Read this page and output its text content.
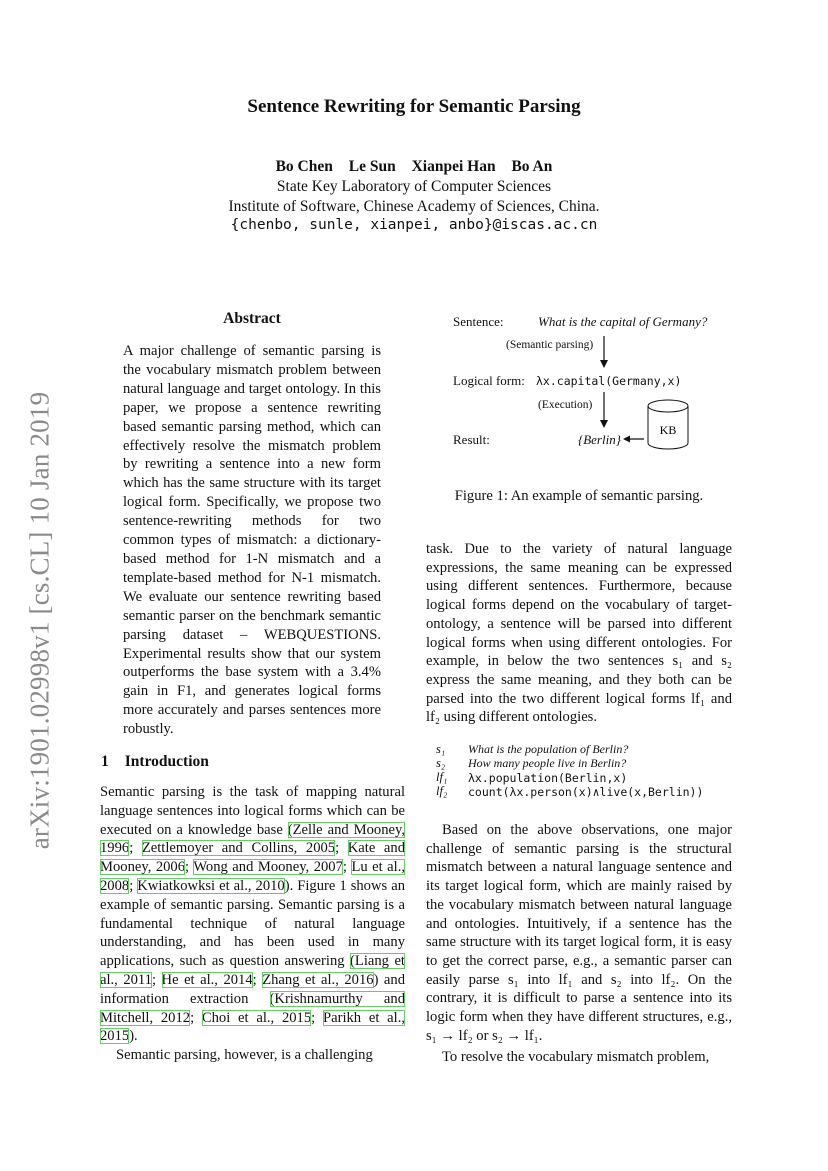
arXiv:1901.02998v1 [cs.CL] 10 Jan 2019
Sentence Rewriting for Semantic Parsing
Bo Chen Le Sun Xianpei Han Bo An
State Key Laboratory of Computer Sciences
Institute of Software, Chinese Academy of Sciences, China.
{chenbo, sunle, xianpei, anbo}@iscas.ac.cn
Abstract
A major challenge of semantic parsing is the vocabulary mismatch problem between natural language and target ontology. In this paper, we propose a sentence rewriting based semantic parsing method, which can effectively resolve the mismatch problem by rewriting a sentence into a new form which has the same structure with its target logical form. Specifically, we propose two sentence-rewriting methods for two common types of mismatch: a dictionary-based method for 1-N mismatch and a template-based method for N-1 mismatch. We evaluate our sentence rewriting based semantic parser on the benchmark semantic parsing dataset – WEBQUESTIONS. Experimental results show that our system outperforms the base system with a 3.4% gain in F1, and generates logical forms more accurately and parses sentences more robustly.
1 Introduction
Semantic parsing is the task of mapping natural language sentences into logical forms which can be executed on a knowledge base (Zelle and Mooney, 1996; Zettlemoyer and Collins, 2005; Kate and Mooney, 2006; Wong and Mooney, 2007; Lu et al., 2008; Kwiatkowksi et al., 2010). Figure 1 shows an example of semantic parsing. Semantic parsing is a fundamental technique of natural language understanding, and has been used in many applications, such as question answering (Liang et al., 2011; He et al., 2014; Zhang et al., 2016) and information extraction (Krishnamurthy and Mitchell, 2012; Choi et al., 2015; Parikh et al., 2015).
Semantic parsing, however, is a challenging
Sentence:	What is the capital of Germany?
(Semantic parsing)
Logical form: λx.capital(Germany,x)
(Execution)
Result:	{Berlin}
KB
Figure 1: An example of semantic parsing.
task. Due to the variety of natural language expressions, the same meaning can be expressed using different sentences. Furthermore, because logical forms depend on the vocabulary of target-ontology, a sentence will be parsed into different logical forms when using different ontologies. For example, in below the two sentences s₁ and s₂ express the same meaning, and they both can be parsed into the two different logical forms lf₁ and lf₂ using different ontologies.
s₁ What is the population of Berlin?
s₂ How many people live in Berlin?
lf₁ λx.population(Berlin,x)
lf₂ count(λx.person(x)∧live(x,Berlin))
Based on the above observations, one major challenge of semantic parsing is the structural mismatch between a natural language sentence and its target logical form, which are mainly raised by the vocabulary mismatch between natural language and ontologies. Intuitively, if a sentence has the same structure with its target logical form, it is easy to get the correct parse, e.g., a semantic parser can easily parse s₁ into lf₁ and s₂ into lf₂. On the contrary, it is difficult to parse a sentence into its logic form when they have different structures, e.g., s₁ → lf₂ or s₂ → lf₁.
To resolve the vocabulary mismatch problem,
